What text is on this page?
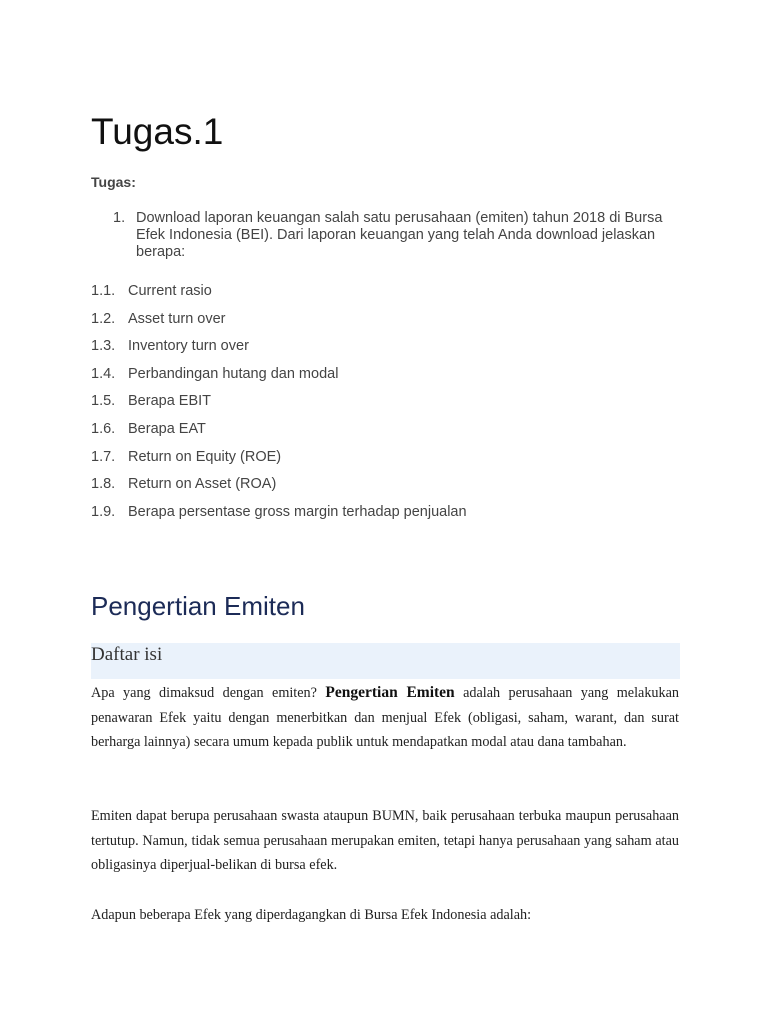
Tugas.1
Tugas:
1. Download laporan keuangan salah satu perusahaan (emiten) tahun 2018 di Bursa Efek Indonesia (BEI). Dari laporan keuangan yang telah Anda download jelaskan berapa:
1.1. Current rasio
1.2. Asset turn over
1.3. Inventory turn over
1.4. Perbandingan hutang dan modal
1.5. Berapa EBIT
1.6. Berapa EAT
1.7. Return on Equity (ROE)
1.8. Return on Asset (ROA)
1.9. Berapa persentase gross margin terhadap penjualan
Pengertian Emiten
Daftar isi

Apa yang dimaksud dengan emiten? Pengertian Emiten adalah perusahaan yang melakukan penawaran Efek yaitu dengan menerbitkan dan menjual Efek (obligasi, saham, warant, dan surat berharga lainnya) secara umum kepada publik untuk mendapatkan modal atau dana tambahan.

Emiten dapat berupa perusahaan swasta ataupun BUMN, baik perusahaan terbuka maupun perusahaan tertutup. Namun, tidak semua perusahaan merupakan emiten, tetapi hanya perusahaan yang saham atau obligasinya diperjual-belikan di bursa efek.

Adapun beberapa Efek yang diperdagangkan di Bursa Efek Indonesia adalah:
